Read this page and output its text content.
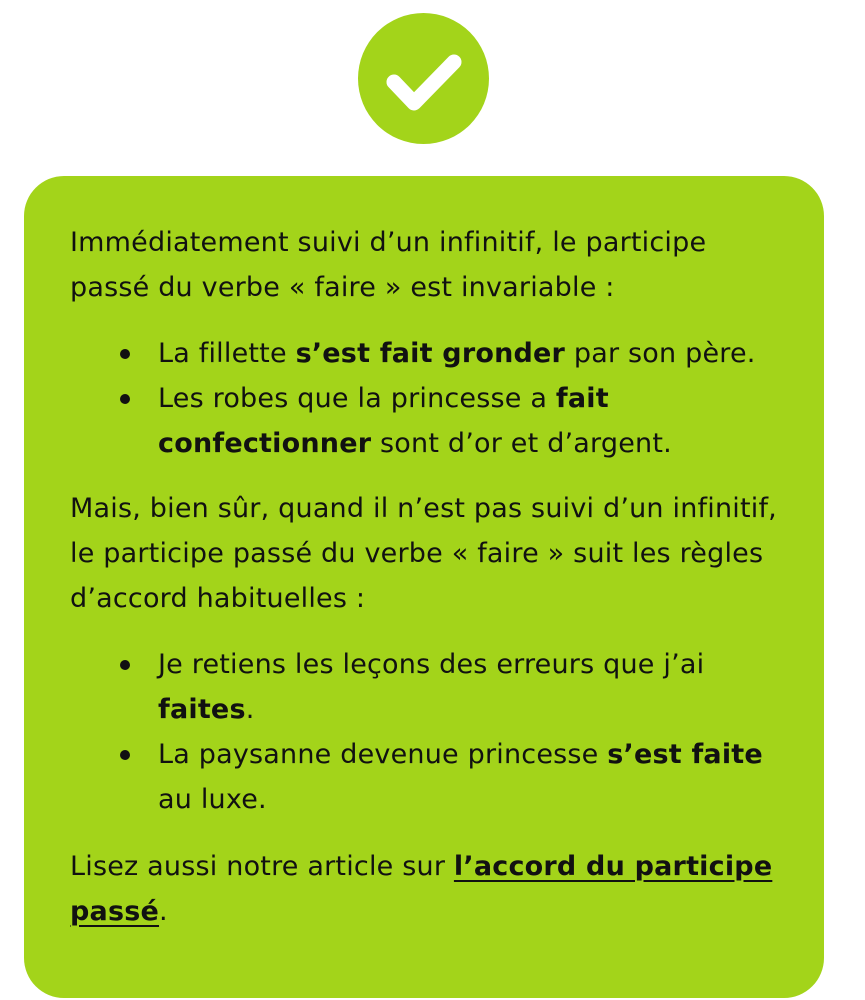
Immédiatement suivi d’un infinitif, le participe passé du verbe « faire » est invariable :

La fillette s’est fait gronder par son père.
Les robes que la princesse a fait confectionner sont d’or et d’argent.

Mais, bien sûr, quand il n’est pas suivi d’un infinitif, le participe passé du verbe « faire » suit les règles d’accord habituelles :

Je retiens les leçons des erreurs que j’ai faites.
La paysanne devenue princesse s’est faite au luxe.

Lisez aussi notre article sur l’accord du participe passé.
